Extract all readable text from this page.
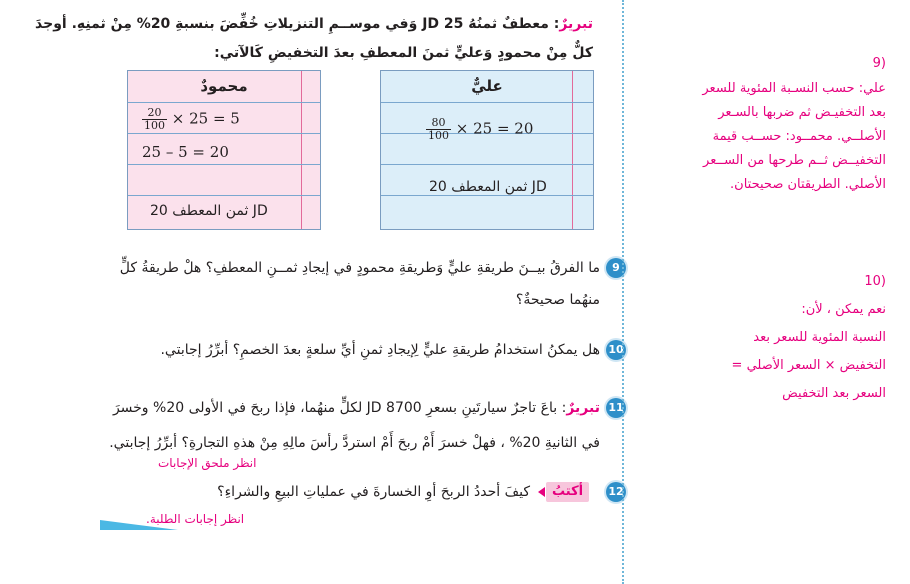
تبريرٌ: معطفٌ ثمنُهُ 25 JD وَفي موســمِ التنزيلاتِ خُفِّضَ بنسبةِ 20% مِنْ ثمنِهِ. أوجدَ
كلٌّ مِنْ محمودٍ وَعليٍّ ثمنَ المعطفِ بعدَ التخفيضِ كَالآتي:
محمودٌ
$\frac{20}{100} \times 25 = 5$
25 – 5 = 20
ثمن المعطف 20 JD
عليٌّ
$\frac{80}{100} \times 25 = 20$
ثمن المعطف 20 JD
9
ما الفرقُ بيــنَ طريقةِ عليٍّ وَطريقةِ محمودٍ في إيجادِ ثمــنِ المعطفِ؟ هلْ طريقةُ كلٍّ
منهُما صحيحةٌ؟
10
هل يمكنُ استخدامُ طريقةِ عليٍّ لِإيجادِ ثمنِ أيِّ سلعةٍ بعدَ الخصمِ؟ أبرِّرُ إجابتي.
11
تبريرٌ: باعَ تاجرٌ سيارتَينِ بسعرِ 8700 JD لكلٍّ منهُما، فإذا ربحَ في الأولى 20% وخسرَ
في الثانيةِ 20% ، فهلْ خسرَ أَمْ ربحَ أَمْ استردَّ رأسَ مالِهِ مِنْ هذهِ التجارةِ؟ أبرِّرُ إجابتي.
انظر ملحق الإجابات
12
أكتبُ
كيفَ أحددُ الربحَ أوِ الخسارةَ في عملياتِ البيعِ والشراءِ؟
انظر إجابات الطلبة.
(9
علي: حسب النسـبة المئوية للسعر
بعد التخفيـض ثم ضربها بالسـعر
الأصلــي. محمــود: حســب قيمة
التخفيــض ثــم طرحها من الســعر
الأصلي. الطريقتان صحيحتان.
(10
نعم يمكن ، لأن:
النسبة المئوية للسعر بعد
التخفيض × السعر الأصلي =
السعر بعد التخفيض
